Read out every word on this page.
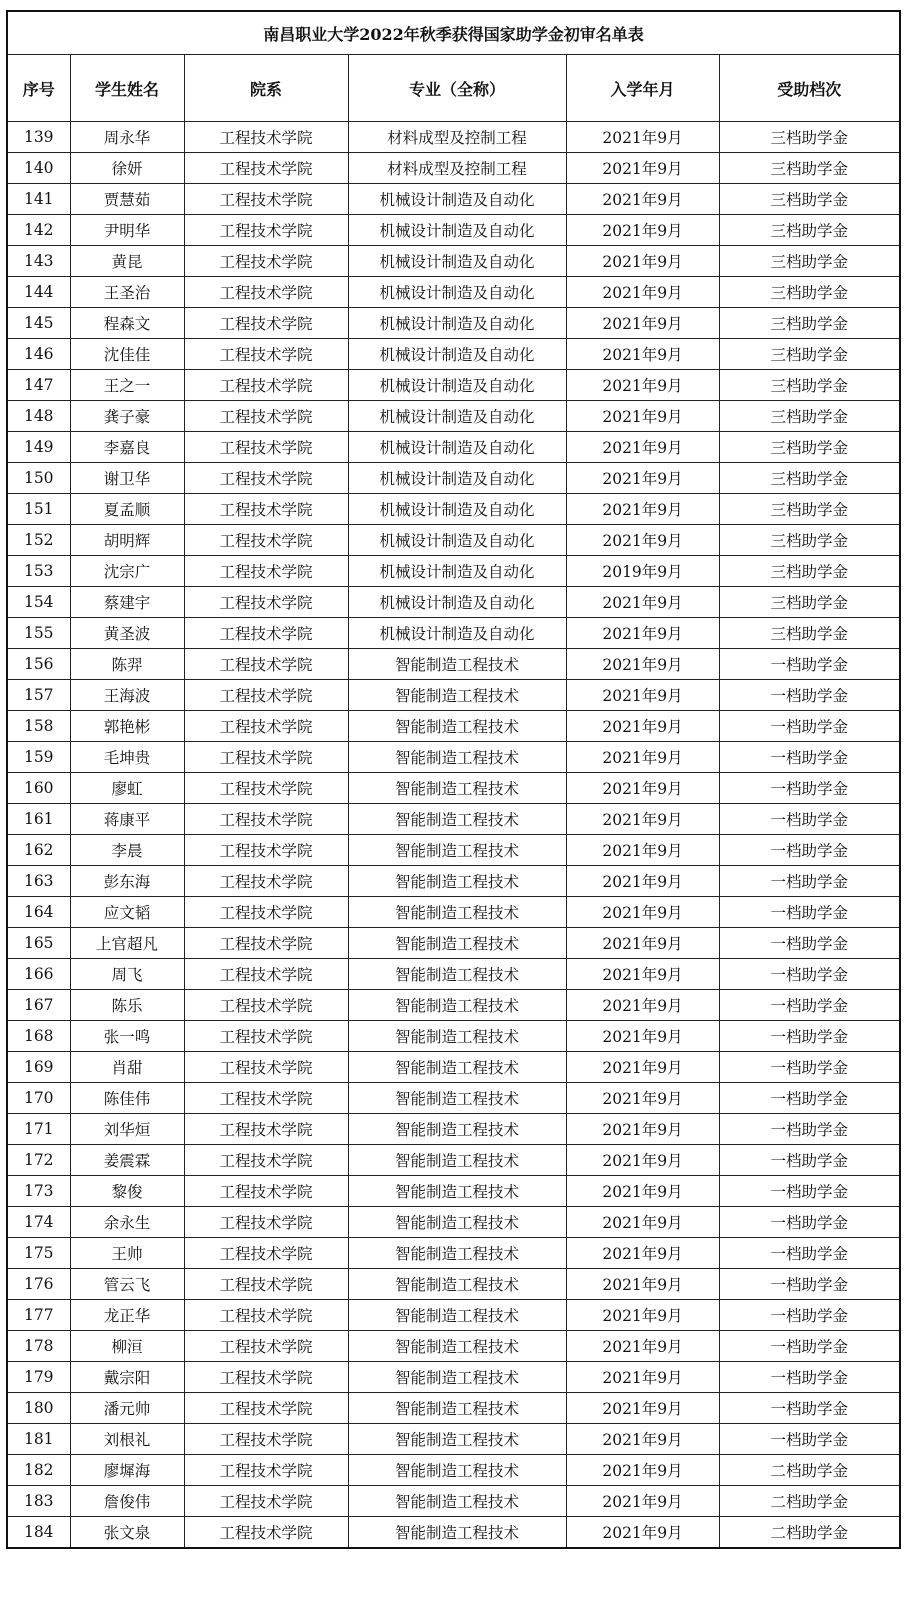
南昌职业大学2022年秋季获得国家助学金初审名单表					
序号	学生姓名	院系	专业（全称）	入学年月	受助档次
139	周永华	工程技术学院	材料成型及控制工程	2021年9月	三档助学金
140	徐妍	工程技术学院	材料成型及控制工程	2021年9月	三档助学金
141	贾慧茹	工程技术学院	机械设计制造及自动化	2021年9月	三档助学金
142	尹明华	工程技术学院	机械设计制造及自动化	2021年9月	三档助学金
143	黄昆	工程技术学院	机械设计制造及自动化	2021年9月	三档助学金
144	王圣治	工程技术学院	机械设计制造及自动化	2021年9月	三档助学金
145	程森文	工程技术学院	机械设计制造及自动化	2021年9月	三档助学金
146	沈佳佳	工程技术学院	机械设计制造及自动化	2021年9月	三档助学金
147	王之一	工程技术学院	机械设计制造及自动化	2021年9月	三档助学金
148	龚子豪	工程技术学院	机械设计制造及自动化	2021年9月	三档助学金
149	李嘉良	工程技术学院	机械设计制造及自动化	2021年9月	三档助学金
150	谢卫华	工程技术学院	机械设计制造及自动化	2021年9月	三档助学金
151	夏孟顺	工程技术学院	机械设计制造及自动化	2021年9月	三档助学金
152	胡明辉	工程技术学院	机械设计制造及自动化	2021年9月	三档助学金
153	沈宗广	工程技术学院	机械设计制造及自动化	2019年9月	三档助学金
154	蔡建宇	工程技术学院	机械设计制造及自动化	2021年9月	三档助学金
155	黄圣波	工程技术学院	机械设计制造及自动化	2021年9月	三档助学金
156	陈羿	工程技术学院	智能制造工程技术	2021年9月	一档助学金
157	王海波	工程技术学院	智能制造工程技术	2021年9月	一档助学金
158	郭艳彬	工程技术学院	智能制造工程技术	2021年9月	一档助学金
159	毛坤贵	工程技术学院	智能制造工程技术	2021年9月	一档助学金
160	廖虹	工程技术学院	智能制造工程技术	2021年9月	一档助学金
161	蒋康平	工程技术学院	智能制造工程技术	2021年9月	一档助学金
162	李晨	工程技术学院	智能制造工程技术	2021年9月	一档助学金
163	彭东海	工程技术学院	智能制造工程技术	2021年9月	一档助学金
164	应文韬	工程技术学院	智能制造工程技术	2021年9月	一档助学金
165	上官超凡	工程技术学院	智能制造工程技术	2021年9月	一档助学金
166	周飞	工程技术学院	智能制造工程技术	2021年9月	一档助学金
167	陈乐	工程技术学院	智能制造工程技术	2021年9月	一档助学金
168	张一鸣	工程技术学院	智能制造工程技术	2021年9月	一档助学金
169	肖甜	工程技术学院	智能制造工程技术	2021年9月	一档助学金
170	陈佳伟	工程技术学院	智能制造工程技术	2021年9月	一档助学金
171	刘华烜	工程技术学院	智能制造工程技术	2021年9月	一档助学金
172	姜震霖	工程技术学院	智能制造工程技术	2021年9月	一档助学金
173	黎俊	工程技术学院	智能制造工程技术	2021年9月	一档助学金
174	余永生	工程技术学院	智能制造工程技术	2021年9月	一档助学金
175	王帅	工程技术学院	智能制造工程技术	2021年9月	一档助学金
176	管云飞	工程技术学院	智能制造工程技术	2021年9月	一档助学金
177	龙正华	工程技术学院	智能制造工程技术	2021年9月	一档助学金
178	柳洹	工程技术学院	智能制造工程技术	2021年9月	一档助学金
179	戴宗阳	工程技术学院	智能制造工程技术	2021年9月	一档助学金
180	潘元帅	工程技术学院	智能制造工程技术	2021年9月	一档助学金
181	刘根礼	工程技术学院	智能制造工程技术	2021年9月	一档助学金
182	廖墀海	工程技术学院	智能制造工程技术	2021年9月	二档助学金
183	詹俊伟	工程技术学院	智能制造工程技术	2021年9月	二档助学金
184	张文泉	工程技术学院	智能制造工程技术	2021年9月	二档助学金
